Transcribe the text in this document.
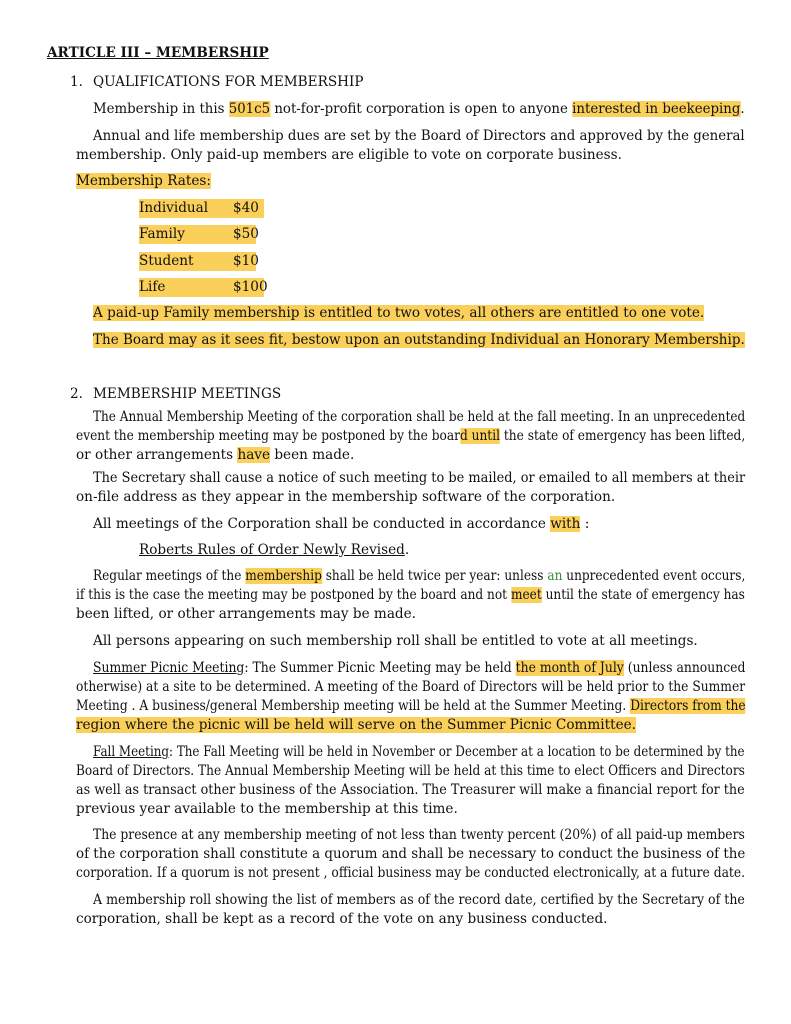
ARTICLE III – MEMBERSHIP
1. QUALIFICATIONS FOR MEMBERSHIP
Membership in this 501c5 not-for-profit corporation is open to anyone interested in beekeeping.
Annual and life membership dues are set by the Board of Directors and approved by the general
membership. Only paid-up members are eligible to vote on corporate business.
Membership Rates:
Individual $40
Family	$50
Student	$10
Life	$100
A paid-up Family membership is entitled to two votes, all others are entitled to one vote.
The Board may as it sees fit, bestow upon an outstanding Individual an Honorary Membership.
2. MEMBERSHIP MEETINGS
The Annual Membership Meeting of the corporation shall be held at the fall meeting. In an unprecedented
event the membership meeting may be postponed by the board until the state of emergency has been lifted,
or other arrangements have been made.
The Secretary shall cause a notice of such meeting to be mailed, or emailed to all members at their
on-file address as they appear in the membership software of the corporation.
All meetings of the Corporation shall be conducted in accordance with :
Roberts Rules of Order Newly Revised.
Regular meetings of the membership shall be held twice per year: unless an unprecedented event occurs,
if this is the case the meeting may be postponed by the board and not meet until the state of emergency has
been lifted, or other arrangements may be made.
All persons appearing on such membership roll shall be entitled to vote at all meetings.
Summer Picnic Meeting: The Summer Picnic Meeting may be held the month of July (unless announced
otherwise) at a site to be determined. A meeting of the Board of Directors will be held prior to the Summer
Meeting . A business/general Membership meeting will be held at the Summer Meeting. Directors from the
region where the picnic will be held will serve on the Summer Picnic Committee.
Fall Meeting: The Fall Meeting will be held in November or December at a location to be determined by the
Board of Directors. The Annual Membership Meeting will be held at this time to elect Officers and Directors
as well as transact other business of the Association. The Treasurer will make a financial report for the
previous year available to the membership at this time.
The presence at any membership meeting of not less than twenty percent (20%) of all paid-up members
of the corporation shall constitute a quorum and shall be necessary to conduct the business of the
corporation. If a quorum is not present , official business may be conducted electronically, at a future date.
A membership roll showing the list of members as of the record date, certified by the Secretary of the
corporation, shall be kept as a record of the vote on any business conducted.
